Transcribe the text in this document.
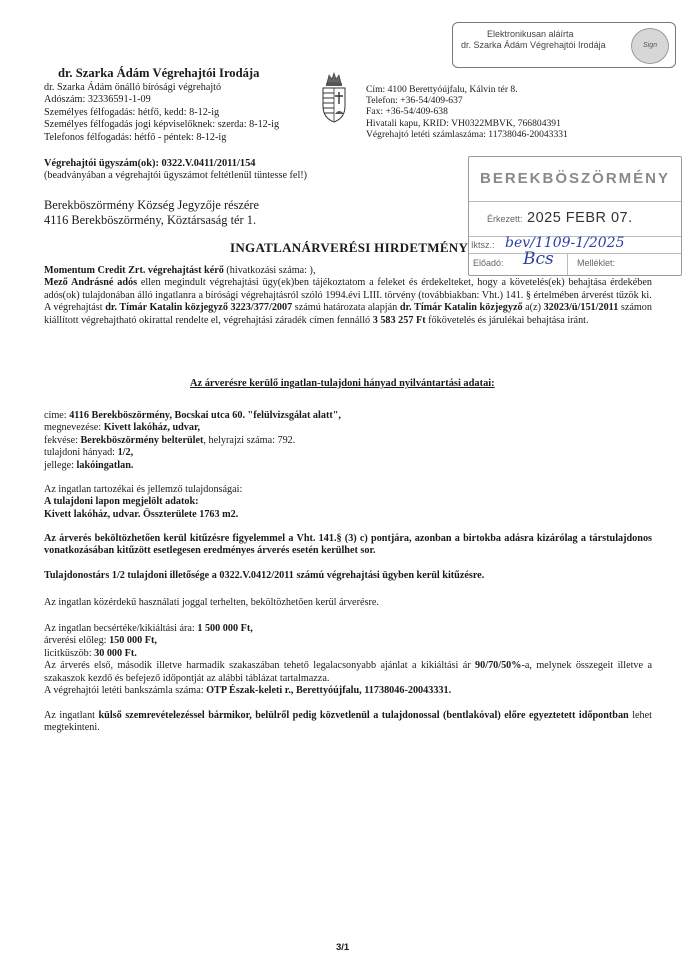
Elektronikusan aláírta
dr. Szarka Ádám Végrehajtói Irodája	Sign
dr. Szarka Ádám Végrehajtói Irodája
dr. Szarka Ádám önálló bírósági végrehajtó
Adószám: 32336591-1-09
Személyes félfogadás: hétfő, kedd: 8-12-ig
Személyes félfogadás jogi képviselőknek: szerda: 8-12-ig
Telefonos félfogadás: hétfő - péntek: 8-12-ig
Cím: 4100 Berettyóújfalu, Kálvin tér 8.
Telefon: +36-54/409-637
Fax: +36-54/409-638
Hivatali kapu, KRID: VH0322MBVK, 766804391
Végrehajtó letéti számlaszáma: 11738046-20043331
Végrehajtói ügyszám(ok): 0322.V.0411/2011/154
(beadványában a végrehajtói ügyszámot feltétlenül tüntesse fel!)
Berekböszörmény Község Jegyzője részére
4116 Berekböszörmény, Köztársaság tér 1.
BEREKBÖSZÖRMÉNY
Érkezett: 2025 FEBR 07.
Iktsz.: bev/1109-1/2025
Előadó: Bcs	Melléklet:
INGATLANÁRVERÉSI HIRDETMÉNY

Momentum Credit Zrt. végrehajtást kérő (hivatkozási száma: ),

Mező Andrásné adós ellen megindult végrehajtási ügy(ek)ben tájékoztatom a feleket és érdekelteket, hogy a követelés(ek) behajtása érdekében adós(ok) tulajdonában álló ingatlanra a bírósági végrehajtásról szóló 1994.évi LIII. törvény (továbbiakban: Vht.) 141. § értelmében árverést tűzök ki.

A végrehajtást dr. Tímár Katalin közjegyző 3223/377/2007 számú határozata alapján dr. Tímár Katalin közjegyző a(z) 32023/ü/151/2011 számon kiállított végrehajtható okirattal rendelte el, végrehajtási záradék címen fennálló 3 583 257 Ft főkövetelés és járulékai behajtása iránt.

Az árverésre kerülő ingatlan-tulajdoni hányad nyilvántartási adatai:

címe: 4116 Berekböszörmény, Bocskai utca 60. "felülvizsgálat alatt",

megnevezése: Kivett lakóház, udvar,

fekvése: Berekböszörmény belterület, helyrajzi száma: 792.

tulajdoni hányad: 1/2,

jellege: lakóingatlan.

Az ingatlan tartozékai és jellemző tulajdonságai:

A tulajdoni lapon megjelölt adatok:

Kivett lakóház, udvar. Összterülete 1763 m2.

Az árverés beköltözhetően kerül kitűzésre figyelemmel a Vht. 141.§ (3) c) pontjára, azonban a birtokba adásra kizárólag a társtulajdonos vonatkozásában kitűzött esetlegesen eredményes árverés esetén kerülhet sor.

Tulajdonostárs 1/2 tulajdoni illetősége a 0322.V.0412/2011 számú végrehajtási ügyben kerül kitűzésre.

Az ingatlan közérdekű használati joggal terhelten, beköltözhetően kerül árverésre.

Az ingatlan becsértéke/kikiáltási ára: 1 500 000 Ft,

árverési előleg: 150 000 Ft,

licitküszöb: 30 000 Ft.

Az árverés első, második illetve harmadik szakaszában tehető legalacsonyabb ajánlat a kikiáltási ár 90/70/50%-a, melynek összegeit illetve a szakaszok kezdő és befejező időpontját az alábbi táblázat tartalmazza.

A végrehajtói letéti bankszámla száma: OTP Észak-keleti r., Berettyóújfalu, 11738046-20043331.

Az ingatlant külső szemrevételezéssel bármikor, belülről pedig közvetlenül a tulajdonossal (bentlakóval) előre egyeztetett időpontban lehet megtekinteni.

3/1
